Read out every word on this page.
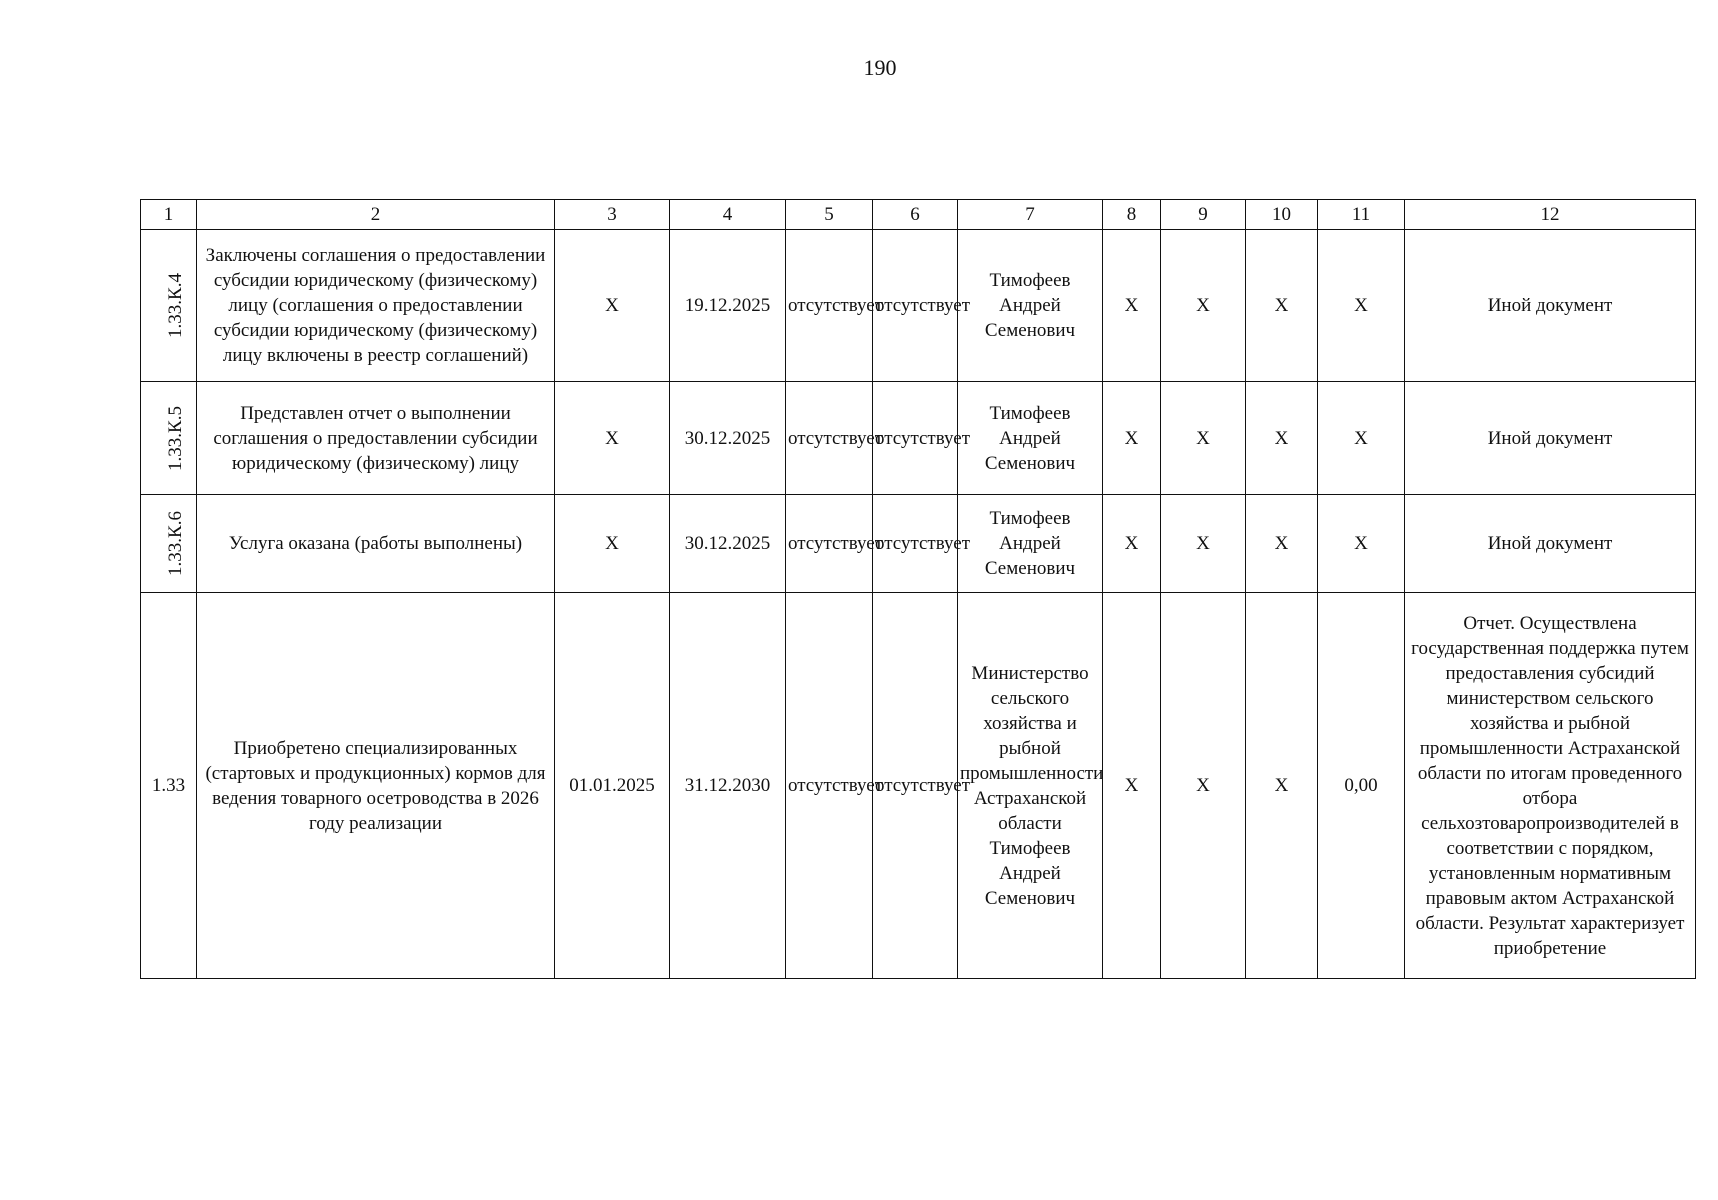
190
1	2	3	4	5	6	7	8	9	10	11	12
1.33.К.4	Заключены соглашения о предоставлении субсидии юридическому (физическому) лицу (соглашения о предоставлении субсидии юридическому (физическому) лицу включены в реестр соглашений)	X	19.12.2025	отсутствует	отсутствует	Тимофеев Андрей Семенович	X	X	X	X	Иной документ
1.33.К.5	Представлен отчет о выполнении соглашения о предоставлении субсидии юридическому (физическому) лицу	X	30.12.2025	отсутствует	отсутствует	Тимофеев Андрей Семенович	X	X	X	X	Иной документ
1.33.К.6	Услуга оказана (работы выполнены)	X	30.12.2025	отсутствует	отсутствует	Тимофеев Андрей Семенович	X	X	X	X	Иной документ
1.33	Приобретено специализированных (стартовых и продукционных) кормов для ведения товарного осетроводства в 2026 году реализации	01.01.2025	31.12.2030	отсутствует	отсутствует	Министерство сельского хозяйства и рыбной промышленности Астраханской области Тимофеев Андрей Семенович	X	X	X	0,00	Отчет. Осуществлена государственная поддержка путем предоставления субсидий министерством сельского хозяйства и рыбной промышленности Астраханской области по итогам проведенного отбора сельхозтоваропроизводителей в соответствии с порядком, установленным нормативным правовым актом Астраханской области. Результат характеризует приобретение
